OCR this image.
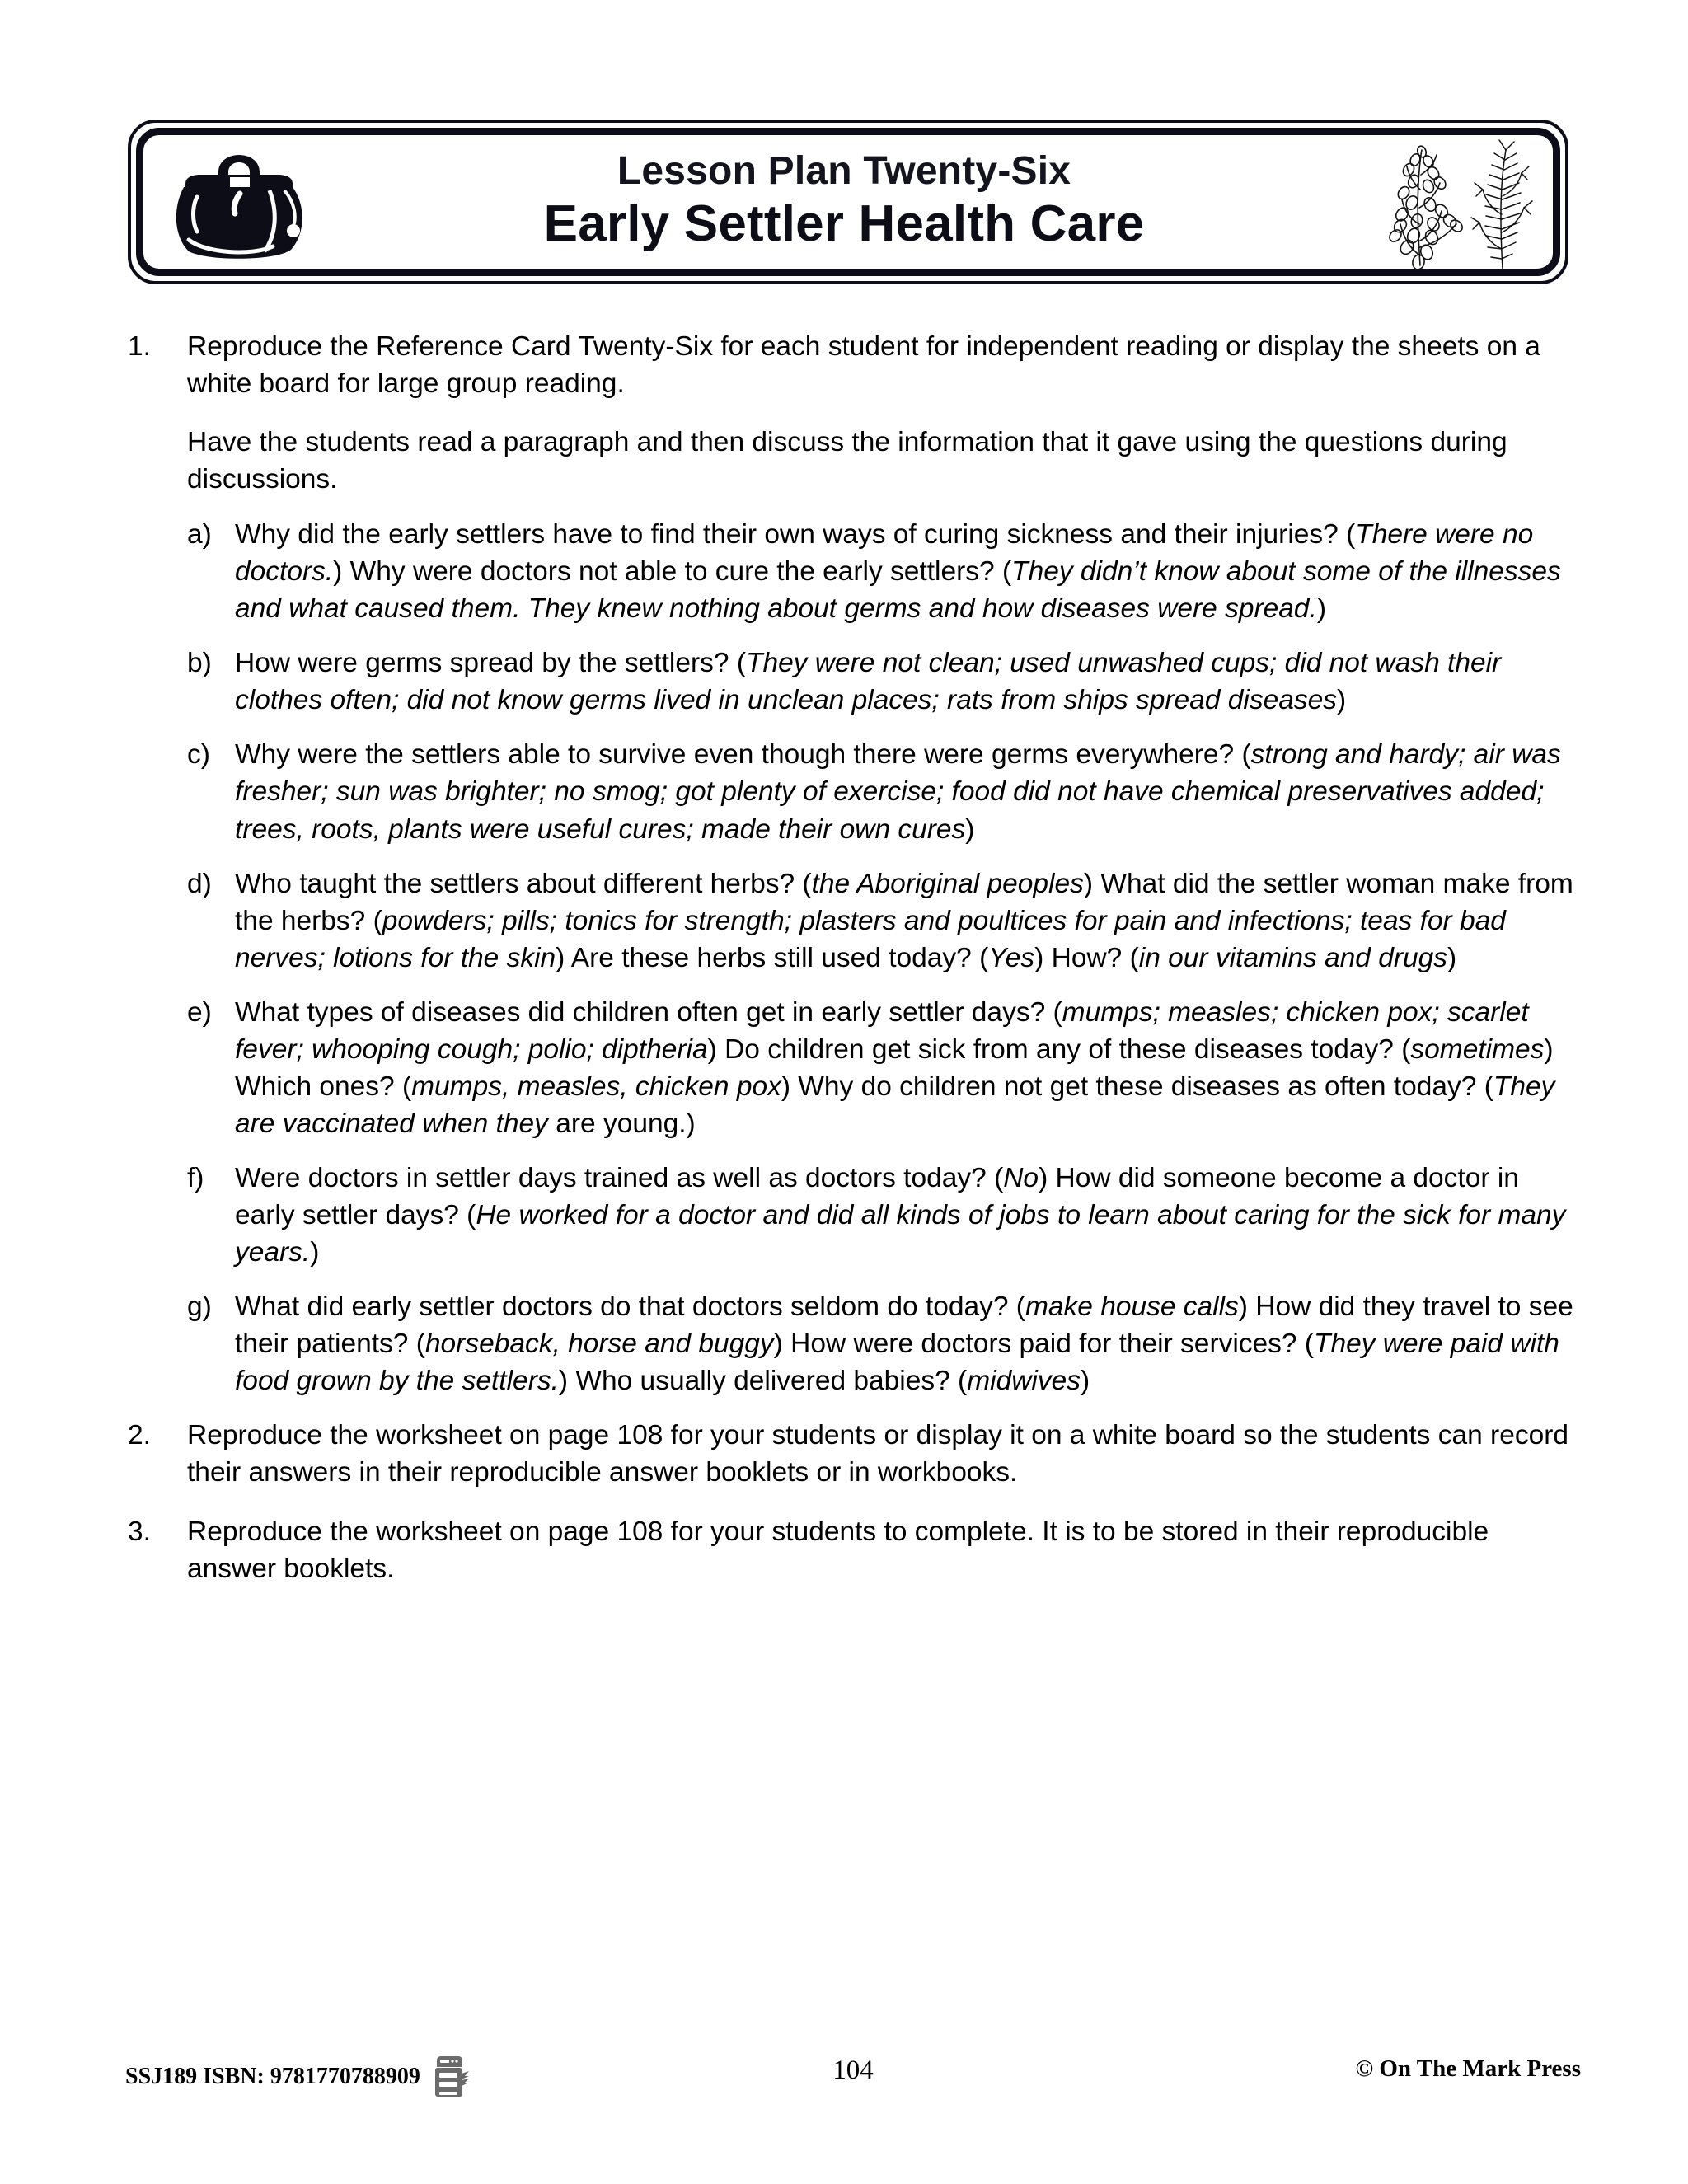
Lesson Plan Twenty-Six
Early Settler Health Care
1.	Reproduce the Reference Card Twenty-Six for each student for independent reading or display the sheets on a white board for large group reading.
Have the students read a paragraph and then discuss the information that it gave using the questions during discussions.
a) Why did the early settlers have to find their own ways of curing sickness and their injuries? (There were no doctors.) Why were doctors not able to cure the early settlers? (They didn’t know about some of the illnesses and what caused them. They knew nothing about germs and how diseases were spread.)
b) How were germs spread by the settlers? (They were not clean; used unwashed cups; did not wash their clothes often; did not know germs lived in unclean places; rats from ships spread diseases)
c) Why were the settlers able to survive even though there were germs everywhere? (strong and hardy; air was fresher; sun was brighter; no smog; got plenty of exercise; food did not have chemical preservatives added; trees, roots, plants were useful cures; made their own cures)
d) Who taught the settlers about different herbs? (the Aboriginal peoples) What did the settler woman make from the herbs? (powders; pills; tonics for strength; plasters and poultices for pain and infections; teas for bad nerves; lotions for the skin) Are these herbs still used today? (Yes) How? (in our vitamins and drugs)
e) What types of diseases did children often get in early settler days? (mumps; measles; chicken pox; scarlet fever; whooping cough; polio; diptheria) Do children get sick from any of these diseases today? (sometimes) Which ones? (mumps, measles, chicken pox) Why do children not get these diseases as often today? (They are vaccinated when they are young.)
f)	Were doctors in settler days trained as well as doctors today? (No) How did someone become a doctor in early settler days? (He worked for a doctor and did all kinds of jobs to learn about caring for the sick for many years.)
g) What did early settler doctors do that doctors seldom do today? (make house calls) How did they travel to see their patients? (horseback, horse and buggy) How were doctors paid for their services? (They were paid with food grown by the settlers.) Who usually delivered babies? (midwives)
2.	Reproduce the worksheet on page 108 for your students or display it on a white board so the students can record their answers in their reproducible answer booklets or in workbooks.
3.	Reproduce the worksheet on page 108 for your students to complete. It is to be stored in their reproducible answer booklets.
SSJ189 ISBN: 9781770788909	104	© On The Mark Press
